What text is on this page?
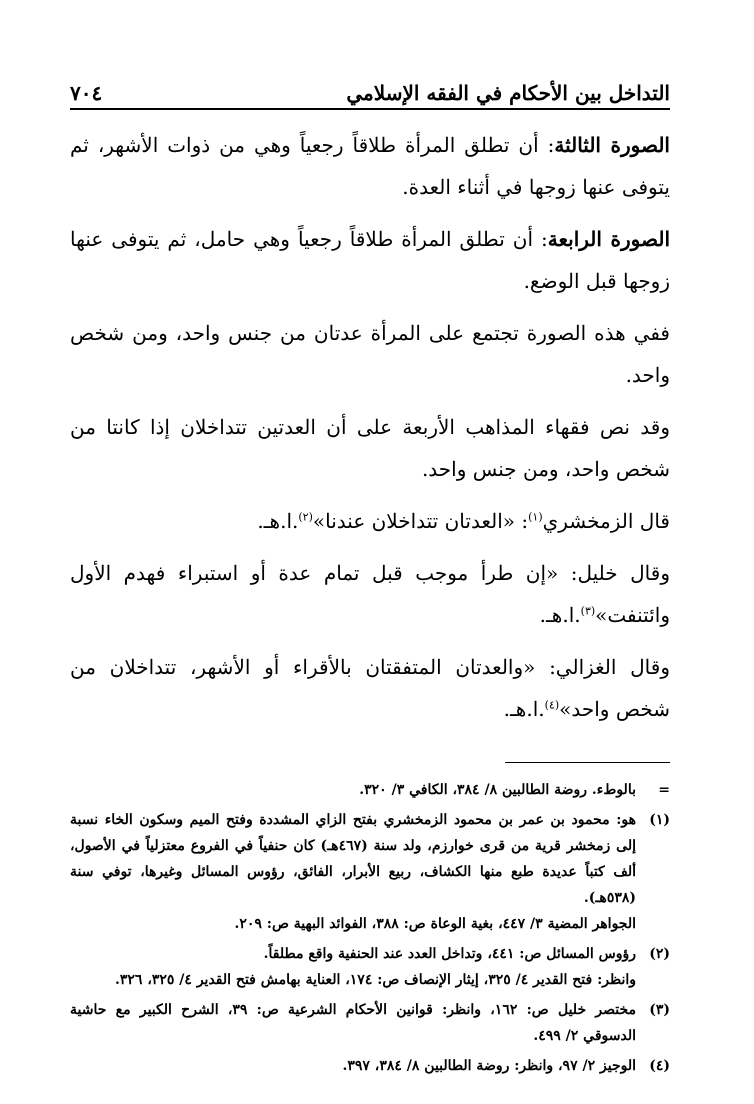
التداخل بين الأحكام في الفقه الإسلامي
٧٠٤

الصورة الثالثة: أن تطلق المرأة طلاقاً رجعياً وهي من ذوات الأشهر، ثم يتوفى عنها زوجها في أثناء العدة.

الصورة الرابعة: أن تطلق المرأة طلاقاً رجعياً وهي حامل، ثم يتوفى عنها زوجها قبل الوضع.

ففي هذه الصورة تجتمع على المرأة عدتان من جنس واحد، ومن شخص واحد.

وقد نص فقهاء المذاهب الأربعة على أن العدتين تتداخلان إذا كانتا من شخص واحد، ومن جنس واحد.

قال الزمخشري$^{(١)}$: «العدتان تتداخلان عندنا»$^{(٢)}$.ا.هـ.

وقال خليل: «إن طرأ موجب قبل تمام عدة أو استبراء فهدم الأول وائتنفت»$^{(٣)}$.ا.هـ.

وقال الغزالي: «والعدتان المتفقتان بالأقراء أو الأشهر، تتداخلان من شخص واحد»$^{(٤)}$.ا.هـ.

=
بالوطء. روضة الطالبين ٨/ ٣٨٤، الكافي ٣/ ٣٢٠.
(١)
هو: محمود بن عمر بن محمود الزمخشري بفتح الزاي المشددة وفتح الميم وسكون الخاء نسبة إلى زمخشر قرية من قرى خوارزم، ولد سنة (٤٦٧هـ) كان حنفياً في الفروع معتزلياً في الأصول، ألف كتباً عديدة طبع منها الكشاف، ربيع الأبرار، الفائق، رؤوس المسائل وغيرها، توفي سنة (٥٣٨هـ).
الجواهر المضية ٣/ ٤٤٧، بغية الوعاة ص: ٣٨٨، الفوائد البهية ص: ٢٠٩.
(٢)
رؤوس المسائل ص: ٤٤١، وتداخل العدد عند الحنفية واقع مطلقاً.
وانظر: فتح القدير ٤/ ٣٢٥، إيثار الإنصاف ص: ١٧٤، العناية بهامش فتح القدير ٤/ ٣٢٥، ٣٢٦.
(٣)
مختصر خليل ص: ١٦٢، وانظر: قوانين الأحكام الشرعية ص: ٣٩، الشرح الكبير مع حاشية الدسوقي ٢/ ٤٩٩.
(٤)
الوجيز ٢/ ٩٧، وانظر: روضة الطالبين ٨/ ٣٨٤، ٣٩٧.
